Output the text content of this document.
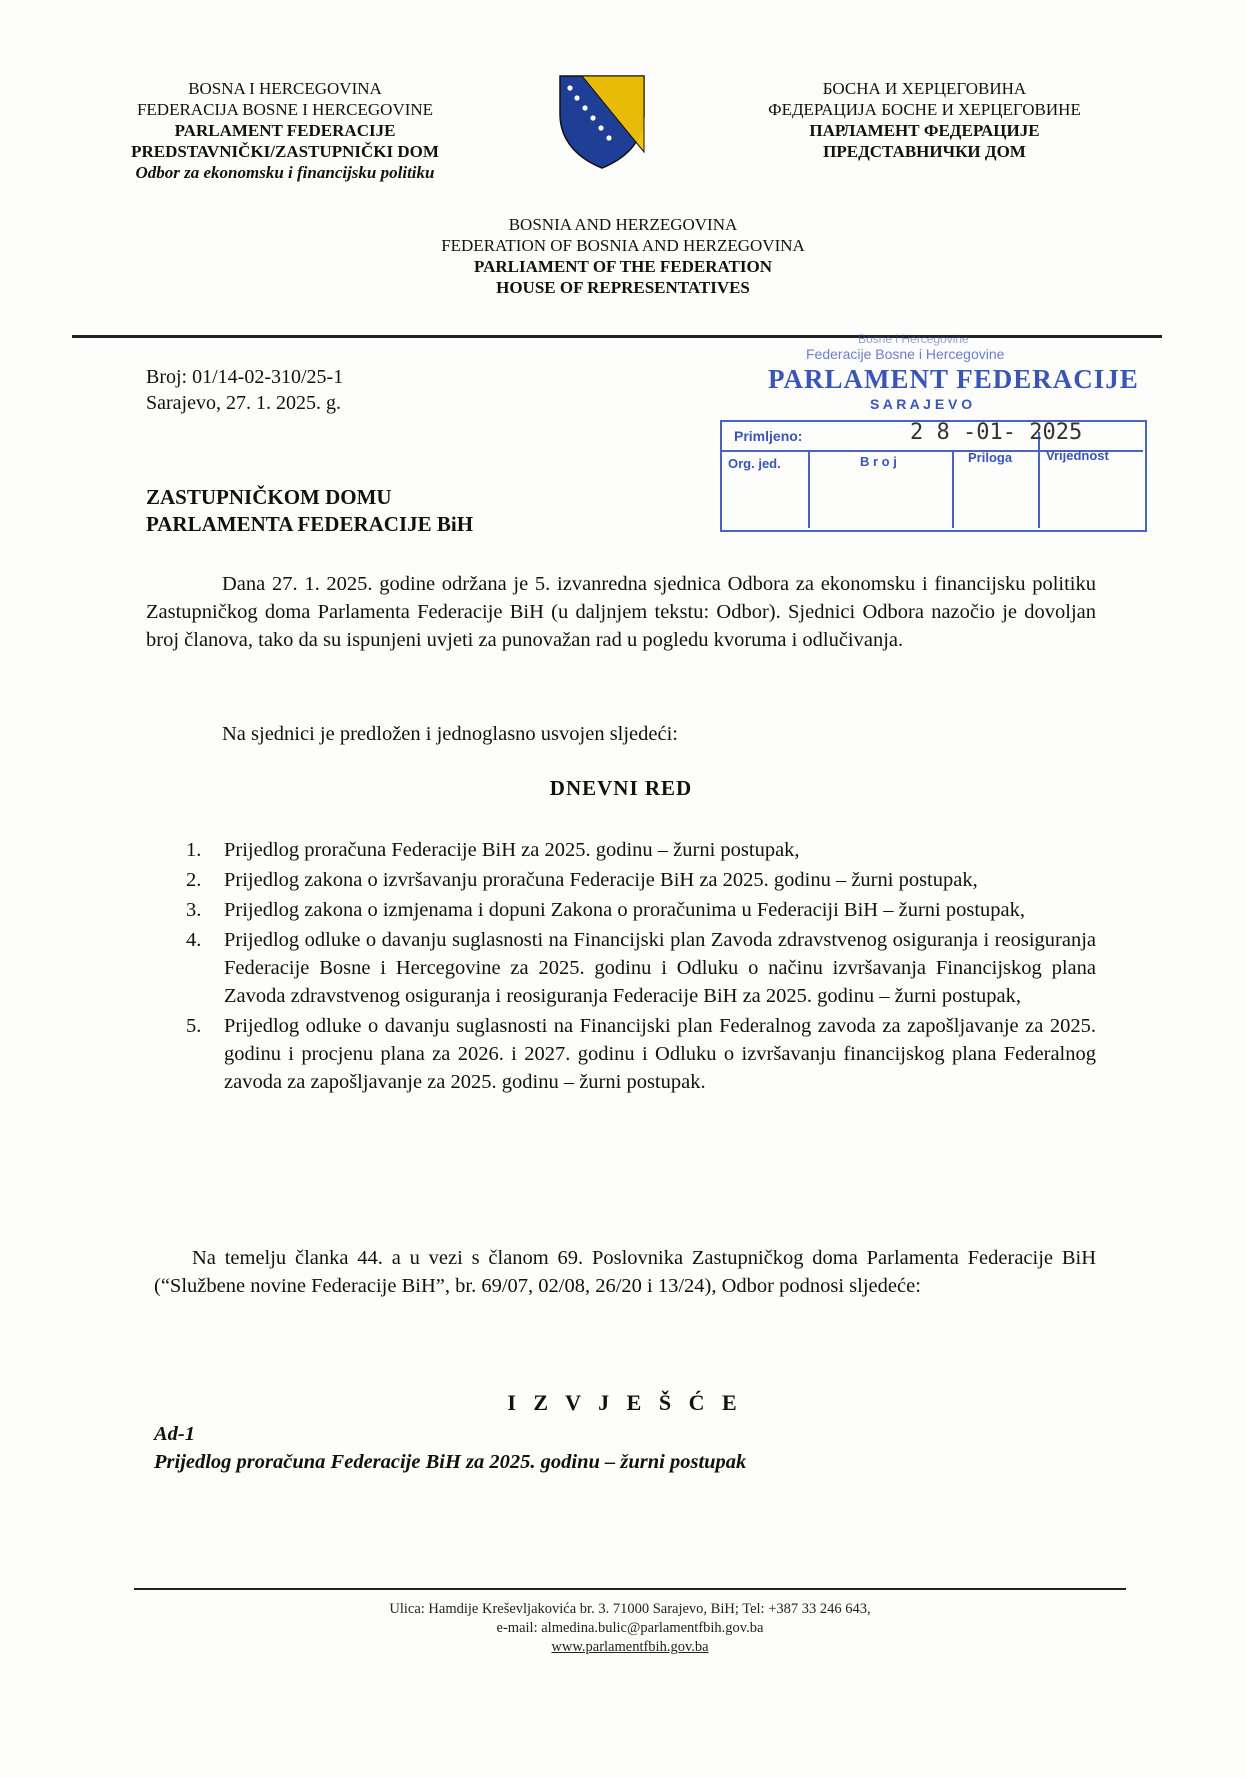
BOSNA I HERCEGOVINA
FEDERACIJA BOSNE I HERCEGOVINE
PARLAMENT FEDERACIJE
PREDSTAVNIČKI/ZASTUPNIČKI DOM
Odbor za ekonomsku i financijsku politiku
БОСНА И ХЕРЦЕГОВИНА
ФЕДЕРАЦИЈА БОСНЕ И ХЕРЦЕГОВИНЕ
ПАРЛАМЕНТ ФЕДЕРАЦИЈЕ
ПРЕДСТАВНИЧКИ ДОМ
BOSNIA AND HERZEGOVINA
FEDERATION OF BOSNIA AND HERZEGOVINA
PARLIAMENT OF THE FEDERATION
HOUSE OF REPRESENTATIVES
Broj: 01/14-02-310/25-1
Sarajevo, 27. 1. 2025. g.
Bosne i Hercegovine
Federacije Bosne i Hercegovine
PARLAMENT FEDERACIJE
S A R A J E V O
Primljeno:	2 8 -01- 2025
Org. jed.	B r o j	Priloga	Vrijednost
ZASTUPNIČKOM DOMU
PARLAMENTA FEDERACIJE BiH
Dana 27. 1. 2025. godine održana je 5. izvanredna sjednica Odbora za ekonomsku i financijsku politiku Zastupničkog doma Parlamenta Federacije BiH (u daljnjem tekstu: Odbor). Sjednici Odbora nazočio je dovoljan broj članova, tako da su ispunjeni uvjeti za punovažan rad u pogledu kvoruma i odlučivanja.
Na sjednici je predložen i jednoglasno usvojen sljedeći:
DNEVNI RED
1. Prijedlog proračuna Federacije BiH za 2025. godinu – žurni postupak,
2. Prijedlog zakona o izvršavanju proračuna Federacije BiH za 2025. godinu – žurni postupak,
3. Prijedlog zakona o izmjenama i dopuni Zakona o proračunima u Federaciji BiH – žurni postupak,
4. Prijedlog odluke o davanju suglasnosti na Financijski plan Zavoda zdravstvenog osiguranja i reosiguranja Federacije Bosne i Hercegovine za 2025. godinu i Odluku o načinu izvršavanja Financijskog plana Zavoda zdravstvenog osiguranja i reosiguranja Federacije BiH za 2025. godinu – žurni postupak,
5. Prijedlog odluke o davanju suglasnosti na Financijski plan Federalnog zavoda za zapošljavanje za 2025. godinu i procjenu plana za 2026. i 2027. godinu i Odluku o izvršavanju financijskog plana Federalnog zavoda za zapošljavanje za 2025. godinu – žurni postupak.
Na temelju članka 44. a u vezi s članom 69. Poslovnika Zastupničkog doma Parlamenta Federacije BiH (“Službene novine Federacije BiH”, br. 69/07, 02/08, 26/20 i 13/24), Odbor podnosi sljedeće:
I Z V J E Š Ć E
Ad-1
Prijedlog proračuna Federacije BiH za 2025. godinu – žurni postupak
Ulica: Hamdije Kreševljakovića br. 3. 71000 Sarajevo, BiH; Tel: +387 33 246 643,
e-mail: almedina.bulic@parlamentfbih.gov.ba
www.parlamentfbih.gov.ba
